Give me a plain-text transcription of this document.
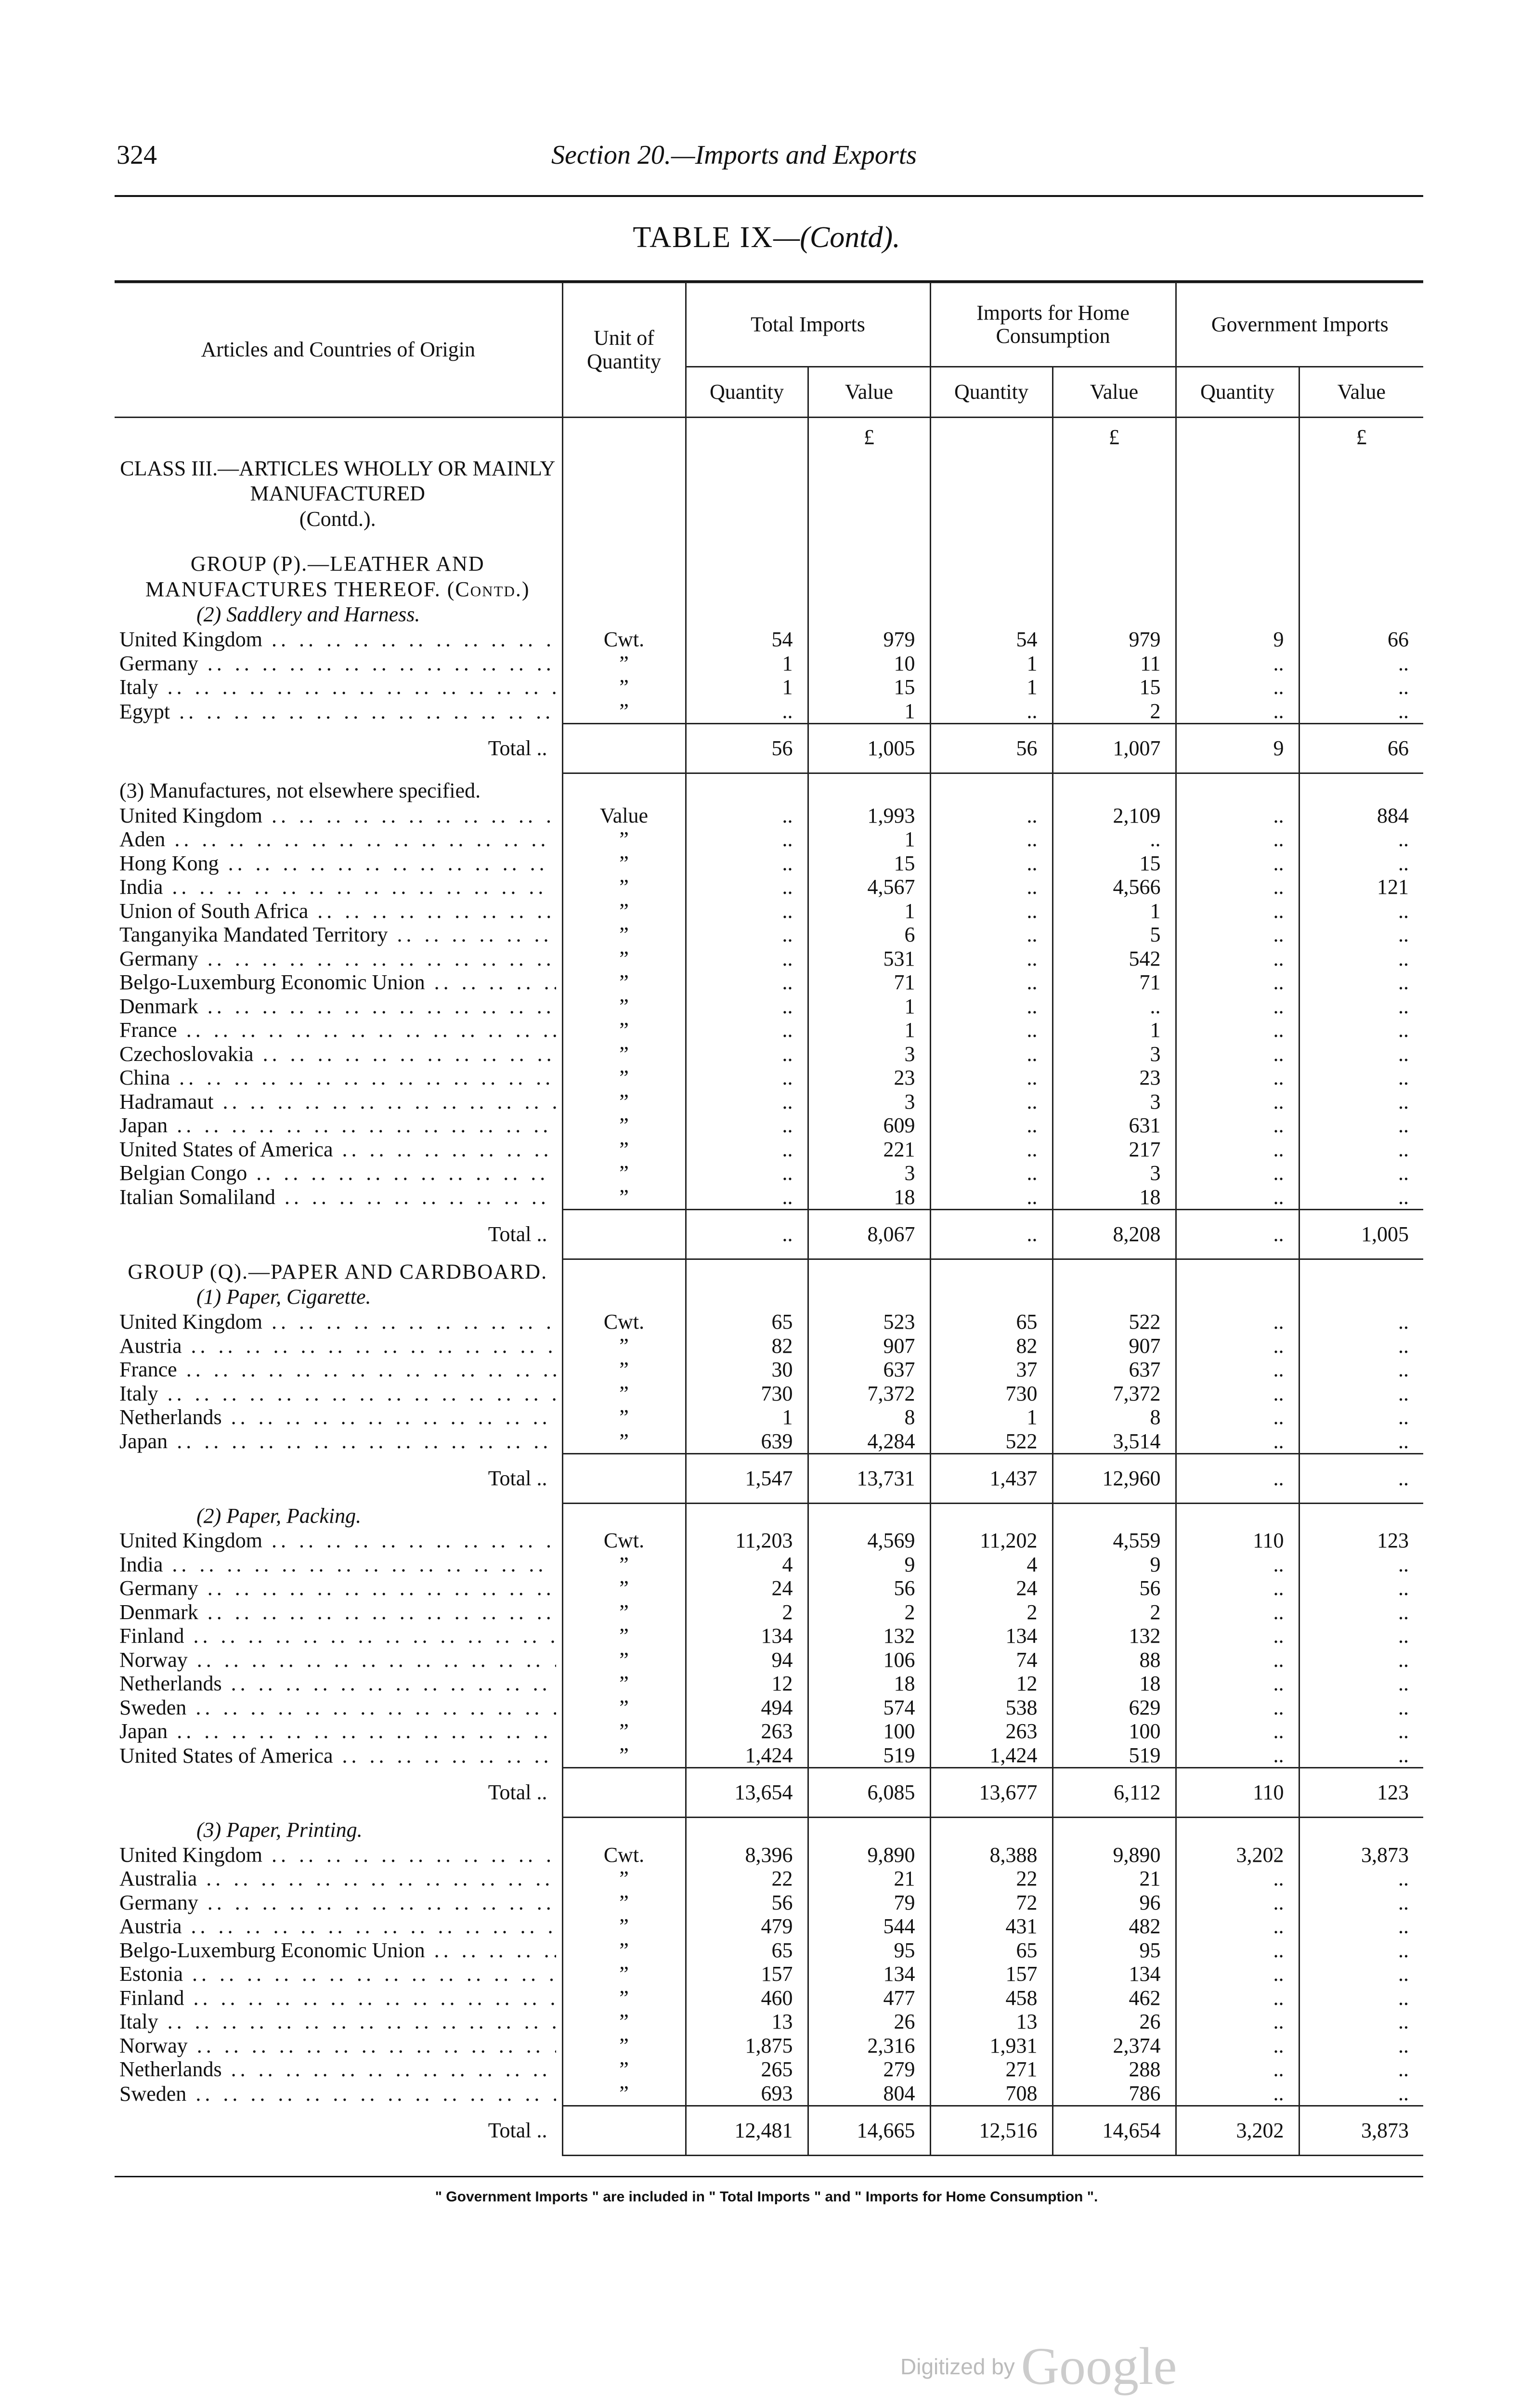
324	Section 20.—Imports and Exports
TABLE IX—(Contd).
Articles and Countries of Origin	Unit of Quantity	Total Imports		Imports for Home Consumption		Government Imports	
		Quantity	Value	Quantity	Value	Quantity	Value
			£		£		£
CLASS III.—ARTICLES WHOLLY OR MAINLY MANUFACTURED							
(Contd.).							
GROUP (P).—LEATHER AND MANUFACTURES THEREOF. (Contd.)							
(2) Saddlery and Harness.							

United Kingdom .. ..	Cwt.	54	979	54	979	9	66

Germany .. ..	”	1	10	1	11	..	..

Italy .. ..	”	1	15	1	15	..	..

Egypt .. ..	”	..	1	..	2	..	..
Total ..		56	1,005	56	1,007	9	66
(3) Manufactures, not elsewhere specified.							

United Kingdom .. ..	Value	..	1,993	..	2,109	..	884

Aden .. ..	”	..	1	..	..	..	..

Hong Kong .. ..	”	..	15	..	15	..	..

India .. ..	”	..	4,567	..	4,566	..	121

Union of South Africa .. ..	”	..	1	..	1	..	..

Tanganyika Mandated Territory .. ..	”	..	6	..	5	..	..

Germany .. ..	”	..	531	..	542	..	..

Belgo-Luxemburg Economic Union .. ..	”	..	71	..	71	..	..

Denmark .. ..	”	..	1	..	..	..	..

France .. ..	”	..	1	..	1	..	..

Czechoslovakia .. ..	”	..	3	..	3	..	..

China .. ..	”	..	23	..	23	..	..

Hadramaut .. ..	”	..	3	..	3	..	..

Japan .. ..	”	..	609	..	631	..	..

United States of America .. ..	”	..	221	..	217	..	..

Belgian Congo .. ..	”	..	3	..	3	..	..

Italian Somaliland .. ..	”	..	18	..	18	..	..
Total ..		..	8,067	..	8,208	..	1,005
GROUP (Q).—PAPER AND CARDBOARD.							
(1) Paper, Cigarette.							

United Kingdom .. ..	Cwt.	65	523	65	522	..	..

Austria .. ..	”	82	907	82	907	..	..

France .. ..	”	30	637	37	637	..	..

Italy .. ..	”	730	7,372	730	7,372	..	..

Netherlands .. ..	”	1	8	1	8	..	..

Japan .. ..	”	639	4,284	522	3,514	..	..
Total ..		1,547	13,731	1,437	12,960	..	..
(2) Paper, Packing.							

United Kingdom .. ..	Cwt.	11,203	4,569	11,202	4,559	110	123

India .. ..	”	4	9	4	9	..	..

Germany .. ..	”	24	56	24	56	..	..

Denmark .. ..	”	2	2	2	2	..	..

Finland .. ..	”	134	132	134	132	..	..

Norway .. ..	”	94	106	74	88	..	..

Netherlands .. ..	”	12	18	12	18	..	..

Sweden .. ..	”	494	574	538	629	..	..

Japan .. ..	”	263	100	263	100	..	..

United States of America .. ..	”	1,424	519	1,424	519	..	..
Total ..		13,654	6,085	13,677	6,112	110	123
(3) Paper, Printing.							

United Kingdom .. ..	Cwt.	8,396	9,890	8,388	9,890	3,202	3,873

Australia .. ..	”	22	21	22	21	..	..

Germany .. ..	”	56	79	72	96	..	..

Austria .. ..	”	479	544	431	482	..	..

Belgo-Luxemburg Economic Union .. ..	”	65	95	65	95	..	..

Estonia .. ..	”	157	134	157	134	..	..

Finland .. ..	”	460	477	458	462	..	..

Italy .. ..	”	13	26	13	26	..	..

Norway .. ..	”	1,875	2,316	1,931	2,374	..	..

Netherlands .. ..	”	265	279	271	288	..	..

Sweden .. ..	”	693	804	708	786	..	..
Total ..		12,481	14,665	12,516	14,654	3,202	3,873
" Government Imports " are included in " Total Imports " and " Imports for Home Consumption ".
Digitized by Google
